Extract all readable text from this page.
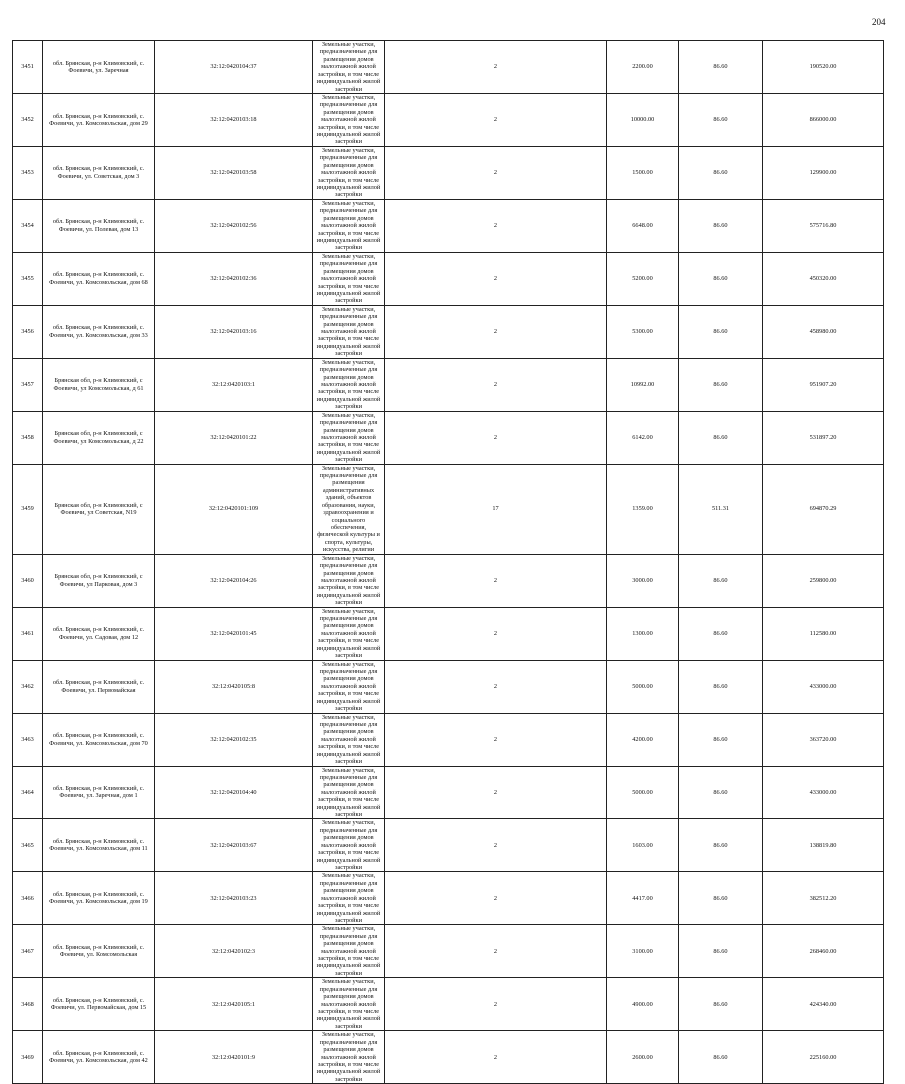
204
3451	обл. Брянская, р-н Климовский, с. Фоевичи, ул. Заречная	32:12:0420104:37	Земельные участки, предназначенные для размещения домов малоэтажной жилой застройки, в том числе индивидуальной жилой застройки	2	2200.00	86.60	190520.00
3452	обл. Брянская, р-н Климовский, с. Фоевичи, ул. Комсомольская, дом 29	32:12:0420103:18	Земельные участки, предназначенные для размещения домов малоэтажной жилой застройки, в том числе индивидуальной жилой застройки	2	10000.00	86.60	866000.00
3453	обл. Брянская, р-н Климовский, с. Фоевичи, ул. Советская, дом 3	32:12:0420103:58	Земельные участки, предназначенные для размещения домов малоэтажной жилой застройки, в том числе индивидуальной жилой застройки	2	1500.00	86.60	129900.00
3454	обл. Брянская, р-н Климовский, с. Фоевичи, ул. Полевая, дом 13	32:12:0420102:56	Земельные участки, предназначенные для размещения домов малоэтажной жилой застройки, в том числе индивидуальной жилой застройки	2	6648.00	86.60	575716.80
3455	обл. Брянская, р-н Климовский, с. Фоевичи, ул. Комсомольская, дом 68	32:12:0420102:36	Земельные участки, предназначенные для размещения домов малоэтажной жилой застройки, в том числе индивидуальной жилой застройки	2	5200.00	86.60	450320.00
3456	обл. Брянская, р-н Климовский, с. Фоевичи, ул. Комсомольская, дом 33	32:12:0420103:16	Земельные участки, предназначенные для размещения домов малоэтажной жилой застройки, в том числе индивидуальной жилой застройки	2	5300.00	86.60	458980.00
3457	Брянская обл, р-н Климовский, с Фоевичи, ул Комсомольская, д 61	32:12:0420103:1	Земельные участки, предназначенные для размещения домов малоэтажной жилой застройки, в том числе индивидуальной жилой застройки	2	10992.00	86.60	951907.20
3458	Брянская обл, р-н Климовский, с Фоевичи, ул Комсомольская, д 22	32:12:0420101:22	Земельные участки, предназначенные для размещения домов малоэтажной жилой застройки, в том числе индивидуальной жилой застройки	2	6142.00	86.60	531897.20
3459	Брянская обл, р-н Климовский, с Фоевичи, ул Советская, N19	32:12:0420101:109	Земельные участки, предназначенные для размещения административных зданий, объектов образования, науки, здравоохранения и социального обеспечения, физической культуры и спорта, культуры, искусства, религии	17	1359.00	511.31	694870.29
3460	Брянская обл, р-н Климовский, с Фоевичи, ул Парковая, дом 3	32:12:0420104:26	Земельные участки, предназначенные для размещения домов малоэтажной жилой застройки, в том числе индивидуальной жилой застройки	2	3000.00	86.60	259800.00
3461	обл. Брянская, р-н Климовский, с. Фоевичи, ул. Садовая, дом 12	32:12:0420101:45	Земельные участки, предназначенные для размещения домов малоэтажной жилой застройки, в том числе индивидуальной жилой застройки	2	1300.00	86.60	112580.00
3462	обл. Брянская, р-н Климовский, с. Фоевичи, ул. Первомайская	32:12:0420105:8	Земельные участки, предназначенные для размещения домов малоэтажной жилой застройки, в том числе индивидуальной жилой застройки	2	5000.00	86.60	433000.00
3463	обл. Брянская, р-н Климовский, с. Фоевичи, ул. Комсомольская, дом 70	32:12:0420102:35	Земельные участки, предназначенные для размещения домов малоэтажной жилой застройки, в том числе индивидуальной жилой застройки	2	4200.00	86.60	363720.00
3464	обл. Брянская, р-н Климовский, с. Фоевичи, ул. Заречная, дом 1	32:12:0420104:40	Земельные участки, предназначенные для размещения домов малоэтажной жилой застройки, в том числе индивидуальной жилой застройки	2	5000.00	86.60	433000.00
3465	обл. Брянская, р-н Климовский, с. Фоевичи, ул. Комсомольская, дом 11	32:12:0420103:67	Земельные участки, предназначенные для размещения домов малоэтажной жилой застройки, в том числе индивидуальной жилой застройки	2	1603.00	86.60	138819.80
3466	обл. Брянская, р-н Климовский, с. Фоевичи, ул. Комсомольская, дом 19	32:12:0420103:23	Земельные участки, предназначенные для размещения домов малоэтажной жилой застройки, в том числе индивидуальной жилой застройки	2	4417.00	86.60	382512.20
3467	обл. Брянская, р-н Климовский, с. Фоевичи, ул. Комсомольская	32:12:0420102:3	Земельные участки, предназначенные для размещения домов малоэтажной жилой застройки, в том числе индивидуальной жилой застройки	2	3100.00	86.60	268460.00
3468	обл. Брянская, р-н Климовский, с. Фоевичи, ул. Первомайская, дом 15	32:12:0420105:1	Земельные участки, предназначенные для размещения домов малоэтажной жилой застройки, в том числе индивидуальной жилой застройки	2	4900.00	86.60	424340.00
3469	обл. Брянская, р-н Климовский, с. Фоевичи, ул. Комсомольская, дом 42	32:12:0420101:9	Земельные участки, предназначенные для размещения домов малоэтажной жилой застройки, в том числе индивидуальной жилой застройки	2	2600.00	86.60	225160.00
